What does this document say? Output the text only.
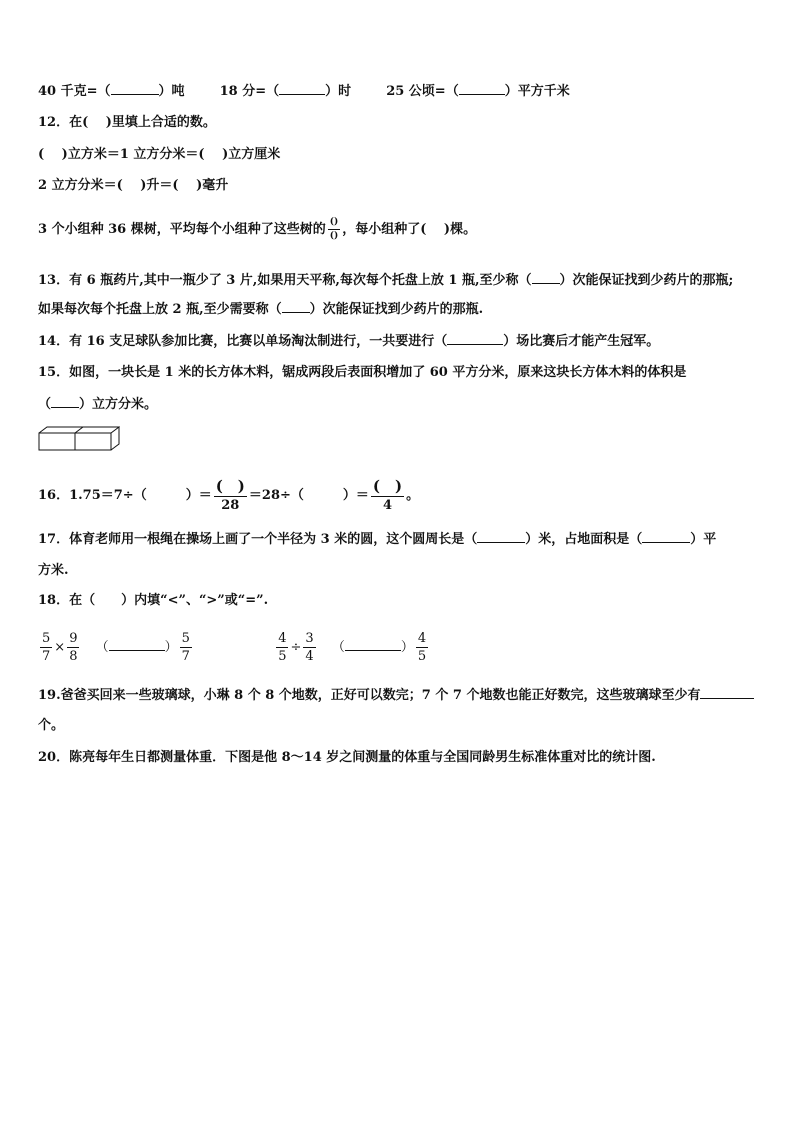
40 千克=（	）吨	18 分=（	）时	25 公顷=（	）平方千米
12．在(　 )里填上合适的数。
(　 )立方米＝1 立方分米＝(　 )立方厘米
2 立方分米＝(　 )升＝(　 )毫升
3 个小组种 36 棵树，平均每个小组种了这些树的 $\frac{()}{()}$ ，每小组种了(　 )棵。
13．有 6 瓶药片,其中一瓶少了 3 片,如果用天平称,每次每个托盘上放 1 瓶,至少称（ ）次能保证找到少药片的那瓶;
如果每次每个托盘上放 2 瓶,至少需要称（ ）次能保证找到少药片的那瓶.
14．有 16 支足球队参加比赛，比赛以单场淘汰制进行，一共要进行（	）场比赛后才能产生冠军。
15．如图，一块长是 1 米的长方体木料，锯成两段后表面积增加了 60 平方分米，原来这块长方体木料的体积是
（ ）立方分米。
16．1.75＝7÷（　　　）＝ $\frac{( )}{28} =28\div$（　　　）＝ $\frac{( )}{4}$ 。
17．体育老师用一根绳在操场上画了一个半径为 3 米的圆，这个圆周长是（	）米，占地面积是（	）平
方米.
18．在（　　）内填“<”、“>”或“=”.
$\frac{5}{7} \times \frac{9}{8}$ （	） $\frac{5}{7}$
	$\frac{4}{5} \div \frac{3}{4}$ （	） $\frac{4}{5}$
19.爸爸买回来一些玻璃球，小琳 8 个 8 个地数，正好可以数完；7 个 7 个地数也能正好数完，这些玻璃球至少有
个。
20．陈亮每年生日都测量体重．下图是他 8～14 岁之间测量的体重与全国同龄男生标准体重对比的统计图.
